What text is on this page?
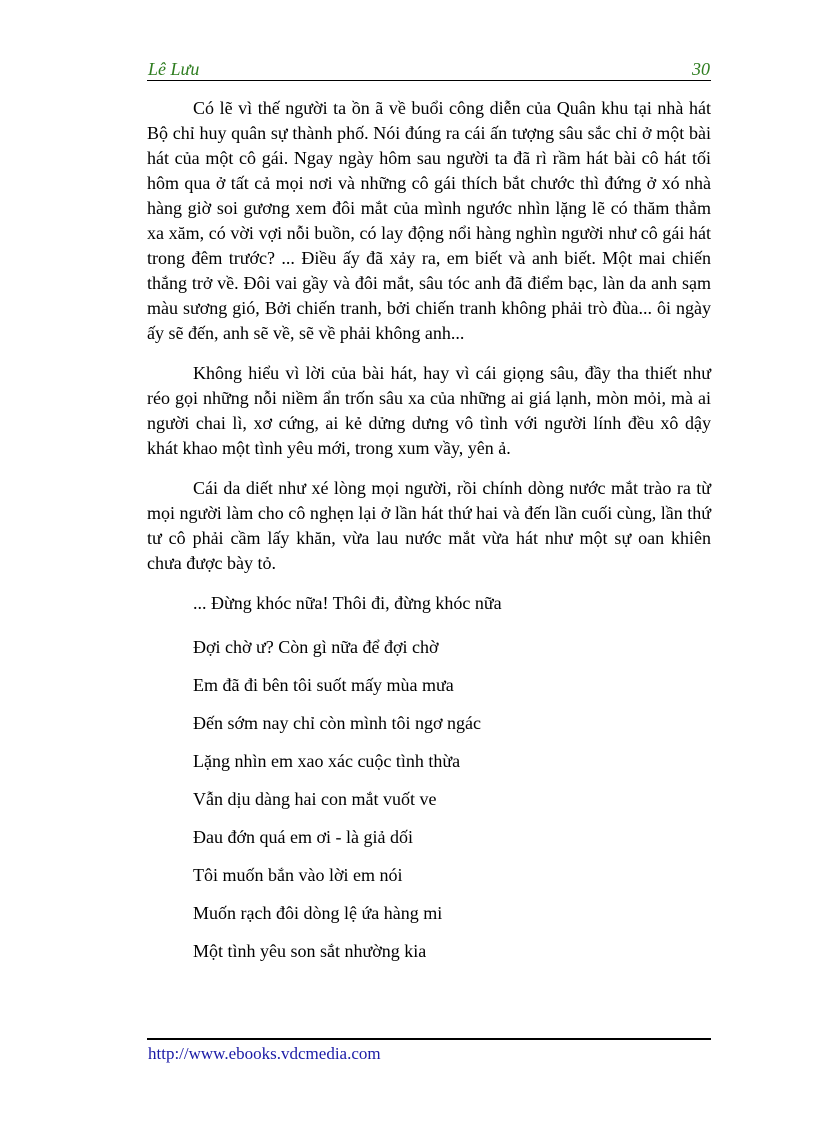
Lê Lưu	30

Có lẽ vì thế người ta ồn ã về buổi công diễn của Quân khu tại nhà hát Bộ chỉ huy quân sự thành phố. Nói đúng ra cái ấn tượng sâu sắc chỉ ở một bài hát của một cô gái. Ngay ngày hôm sau người ta đã rì rầm hát bài cô hát tối hôm qua ở tất cả mọi nơi và những cô gái thích bắt chước thì đứng ở xó nhà hàng giờ soi gương xem đôi mắt của mình ngước nhìn lặng lẽ có thăm thẳm xa xăm, có vời vợi nỗi buồn, có lay động nổi hàng nghìn người như cô gái hát trong đêm trước? ... Điều ấy đã xảy ra, em biết và anh biết. Một mai chiến thắng trở về. Đôi vai gầy và đôi mắt, sâu tóc anh đã điểm bạc, làn da anh sạm màu sương gió, Bởi chiến tranh, bởi chiến tranh không phải trò đùa... ôi ngày ấy sẽ đến, anh sẽ về, sẽ về phải không anh...

Không hiểu vì lời của bài hát, hay vì cái giọng sâu, đầy tha thiết như réo gọi những nỗi niềm ẩn trốn sâu xa của những ai giá lạnh, mòn mỏi, mà ai người chai lì, xơ cứng, ai kẻ dửng dưng vô tình với người lính đều xô dậy khát khao một tình yêu mới, trong xum vầy, yên ả.

Cái da diết như xé lòng mọi người, rồi chính dòng nước mắt trào ra từ mọi người làm cho cô nghẹn lại ở lần hát thứ hai và đến lần cuối cùng, lần thứ tư cô phải cầm lấy khăn, vừa lau nước mắt vừa hát như một sự oan khiên chưa được bày tỏ.

... Đừng khóc nữa! Thôi đi, đừng khóc nữa
Đợi chờ ư? Còn gì nữa để đợi chờ
Em đã đi bên tôi suốt mấy mùa mưa
Đến sớm nay chỉ còn mình tôi ngơ ngác
Lặng nhìn em xao xác cuộc tình thừa
Vẫn dịu dàng hai con mắt vuốt ve
Đau đớn quá em ơi - là giả dối
Tôi muốn bắn vào lời em nói
Muốn rạch đôi dòng lệ ứa hàng mi
Một tình yêu son sắt nhường kia
http://www.ebooks.vdcmedia.com
